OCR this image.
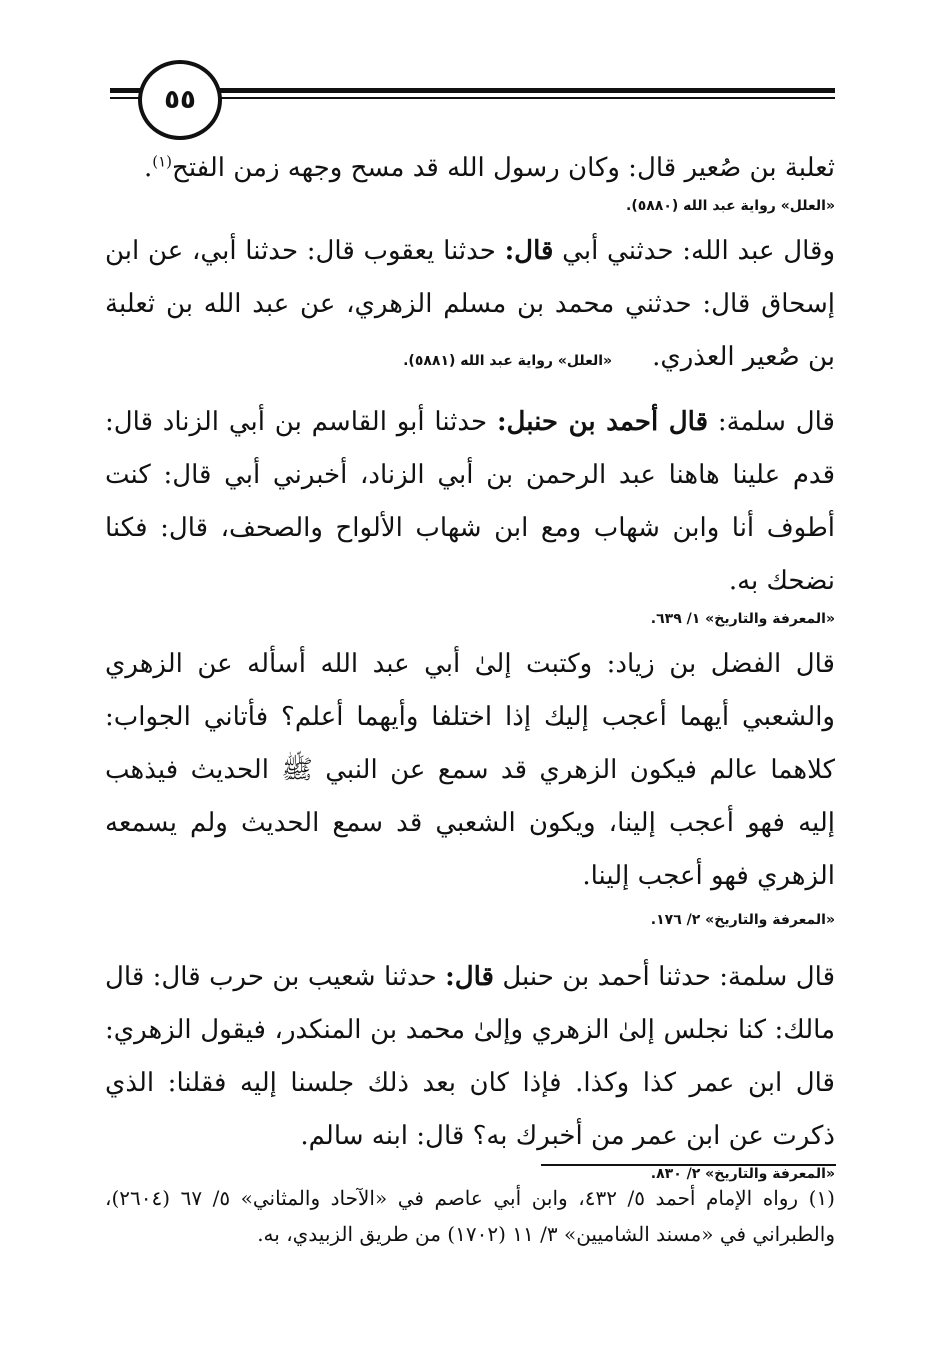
٥٥

ثعلبة بن صُعير قال: وكان رسول الله قد مسح وجهه زمن الفتح$^{(١)}$.

«العلل» رواية عبد الله (٥٨٨٠).

وقال عبد الله: حدثني أبي قال: حدثنا يعقوب قال: حدثنا أبي، عن ابن إسحاق قال: حدثني محمد بن مسلم الزهري، عن عبد الله بن ثعلبة بن صُعير العذري.«العلل» رواية عبد الله (٥٨٨١).

قال سلمة: قال أحمد بن حنبل: حدثنا أبو القاسم بن أبي الزناد قال: قدم علينا هاهنا عبد الرحمن بن أبي الزناد، أخبرني أبي قال: كنت أطوف أنا وابن شهاب ومع ابن شهاب الألواح والصحف، قال: فكنا نضحك به.

«المعرفة والتاريخ» ١/ ٦٣٩.

قال الفضل بن زياد: وكتبت إلىٰ أبي عبد الله أسأله عن الزهري والشعبي أيهما أعجب إليك إذا اختلفا وأيهما أعلم؟ فأتاني الجواب: كلاهما عالم فيكون الزهري قد سمع عن النبي ﷺ الحديث فيذهب إليه فهو أعجب إلينا، ويكون الشعبي قد سمع الحديث ولم يسمعه الزهري فهو أعجب إلينا.

«المعرفة والتاريخ» ٢/ ١٧٦.

قال سلمة: حدثنا أحمد بن حنبل قال: حدثنا شعيب بن حرب قال: قال مالك: كنا نجلس إلىٰ الزهري وإلىٰ محمد بن المنكدر، فيقول الزهري: قال ابن عمر كذا وكذا. فإذا كان بعد ذلك جلسنا إليه فقلنا: الذي ذكرت عن ابن عمر من أخبرك به؟ قال: ابنه سالم.

«المعرفة والتاريخ» ٢/ ٨٣٠.

(١) رواه الإمام أحمد ٥/ ٤٣٢، وابن أبي عاصم في «الآحاد والمثاني» ٥/ ٦٧ (٢٦٠٤)، والطبراني في «مسند الشاميين» ٣/ ١١ (١٧٠٢) من طريق الزبيدي، به.
